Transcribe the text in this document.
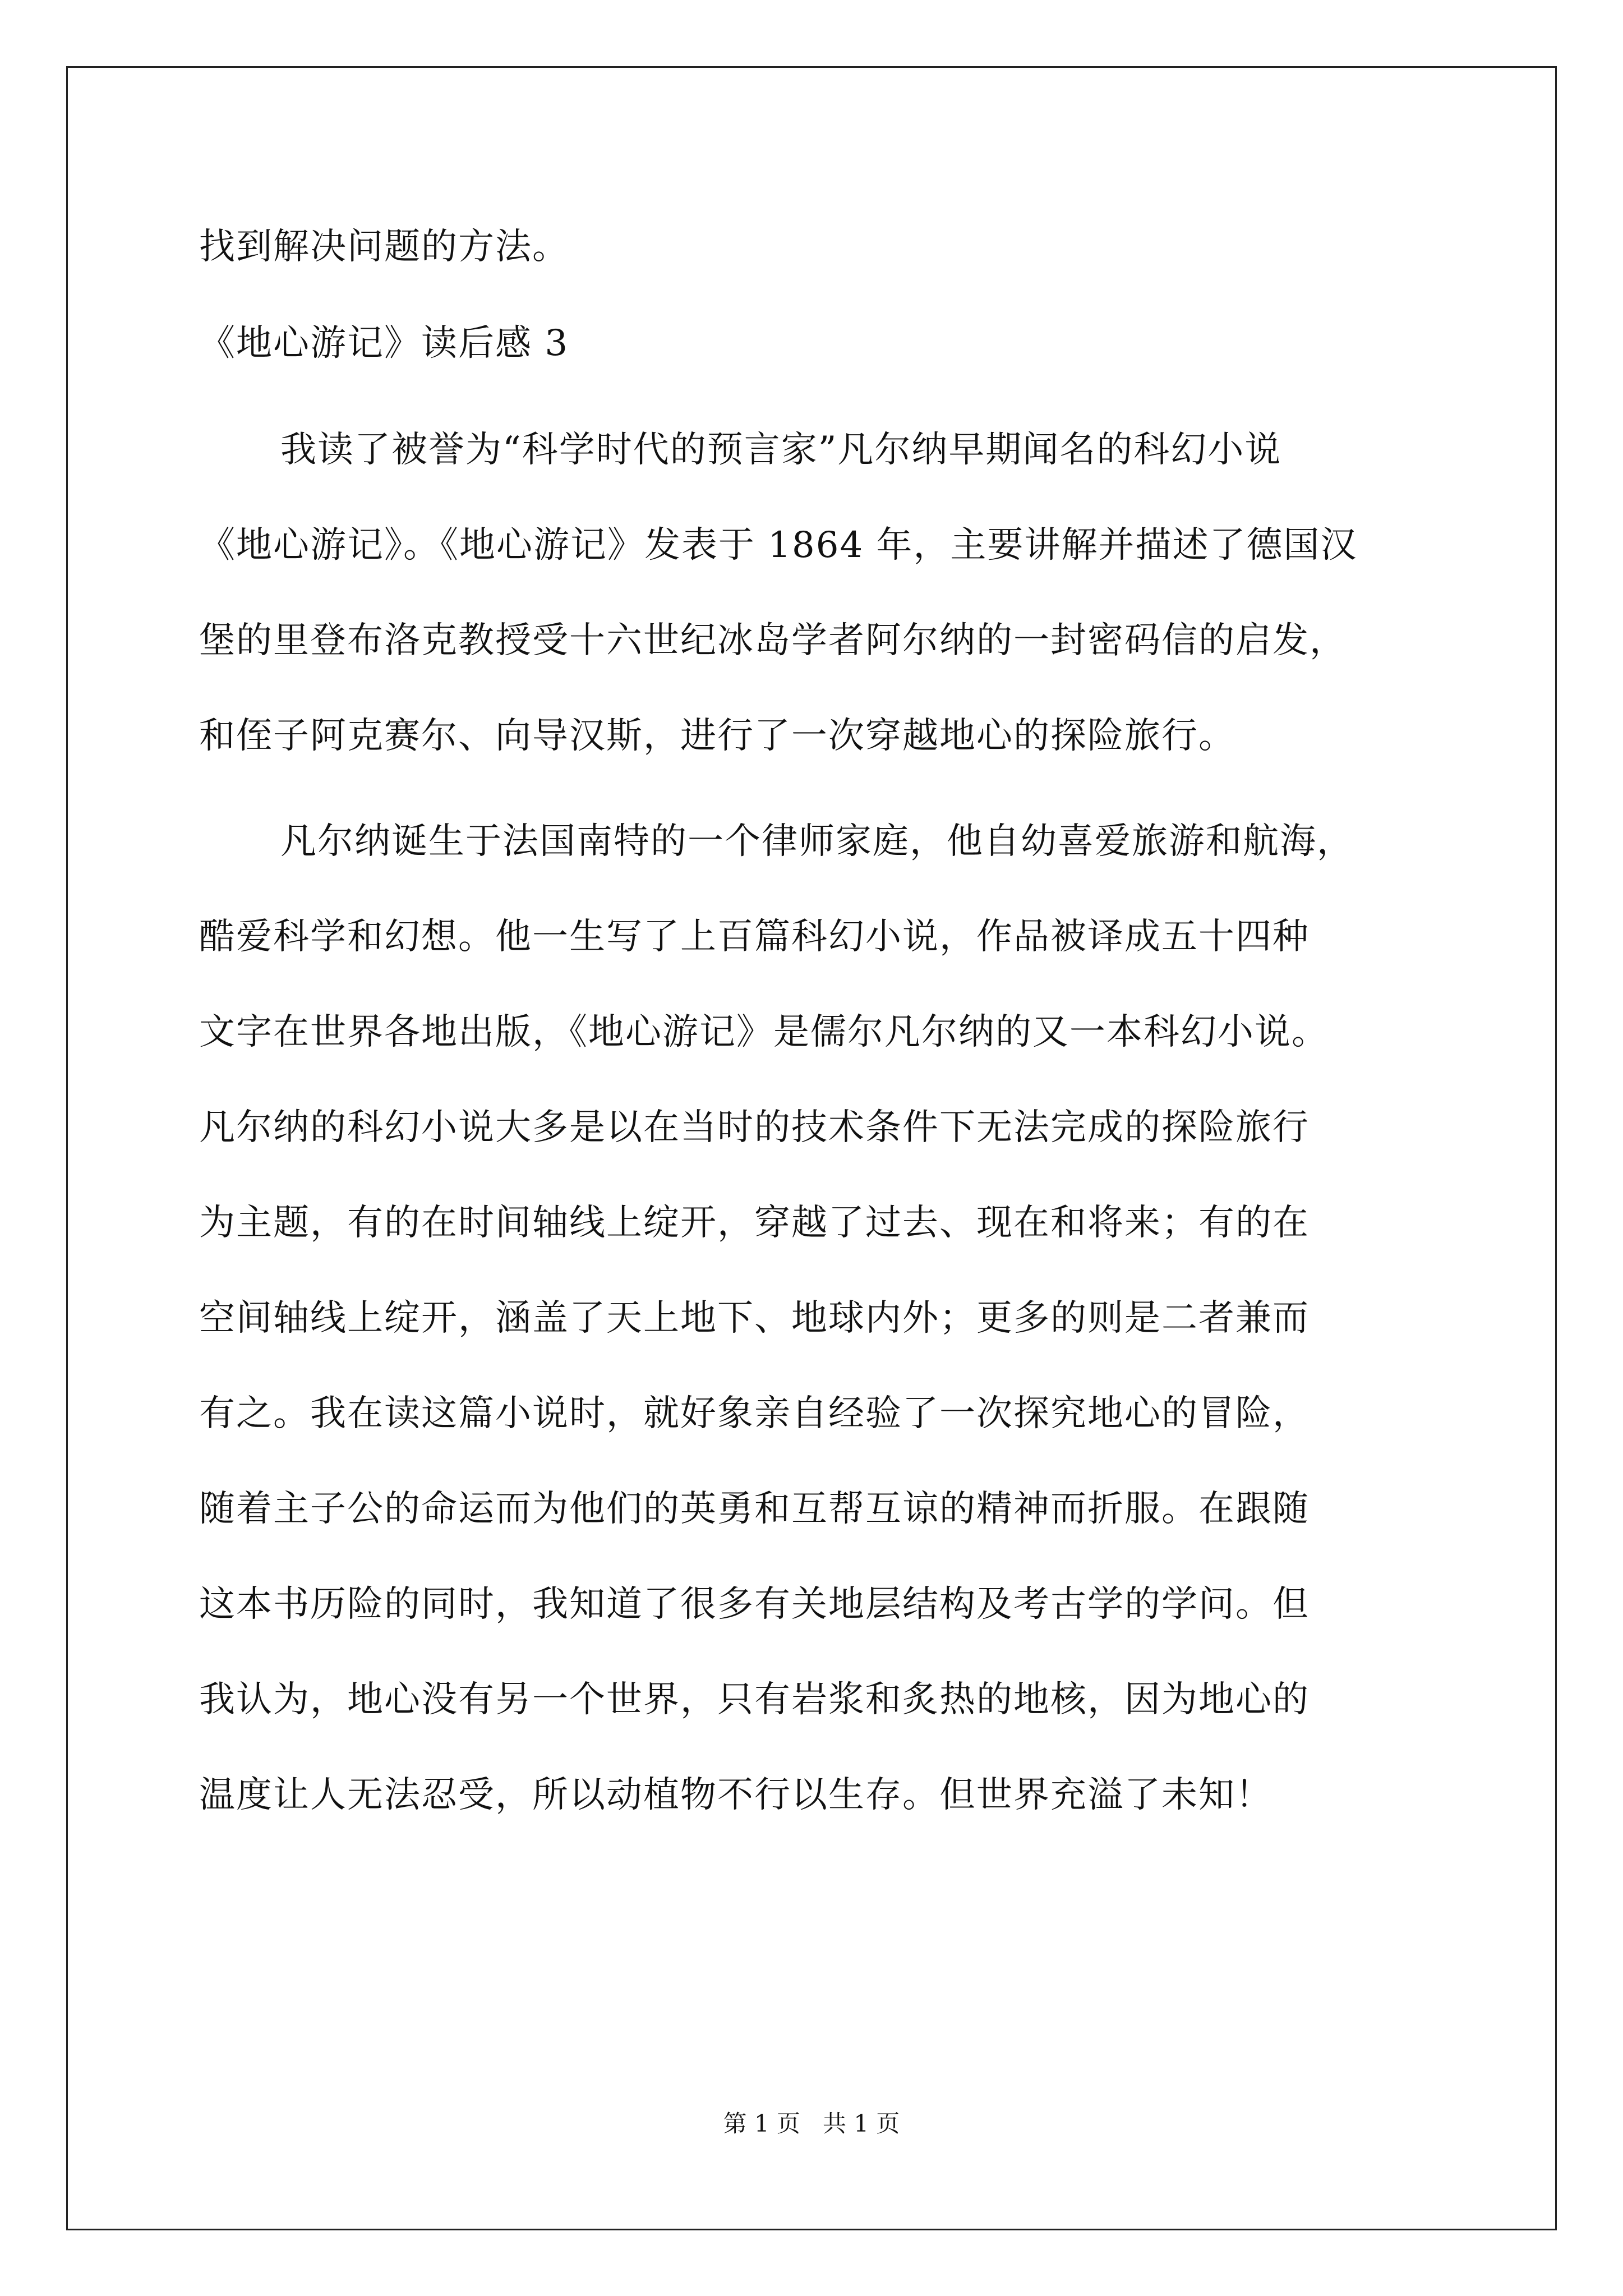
找到解决问题的方法。

《地心游记》读后感 3

我读了被誉为“科学时代的预言家”凡尔纳早期闻名的科幻小说

《地心游记》。《地心游记》发表于 1864 年，主要讲解并描述了德国汉

堡的里登布洛克教授受十六世纪冰岛学者阿尔纳的一封密码信的启发，

和侄子阿克赛尔、向导汉斯，进行了一次穿越地心的探险旅行。

凡尔纳诞生于法国南特的一个律师家庭，他自幼喜爱旅游和航海，

酷爱科学和幻想。他一生写了上百篇科幻小说，作品被译成五十四种

文字在世界各地出版，《地心游记》是儒尔凡尔纳的又一本科幻小说。

凡尔纳的科幻小说大多是以在当时的技术条件下无法完成的探险旅行

为主题，有的在时间轴线上绽开，穿越了过去、现在和将来；有的在

空间轴线上绽开，涵盖了天上地下、地球内外；更多的则是二者兼而

有之。我在读这篇小说时，就好象亲自经验了一次探究地心的冒险，

随着主子公的命运而为他们的英勇和互帮互谅的精神而折服。在跟随

这本书历险的同时，我知道了很多有关地层结构及考古学的学问。但

我认为，地心没有另一个世界，只有岩浆和炙热的地核，因为地心的

温度让人无法忍受，所以动植物不行以生存。但世界充溢了未知！

第 1 页 共 1 页
